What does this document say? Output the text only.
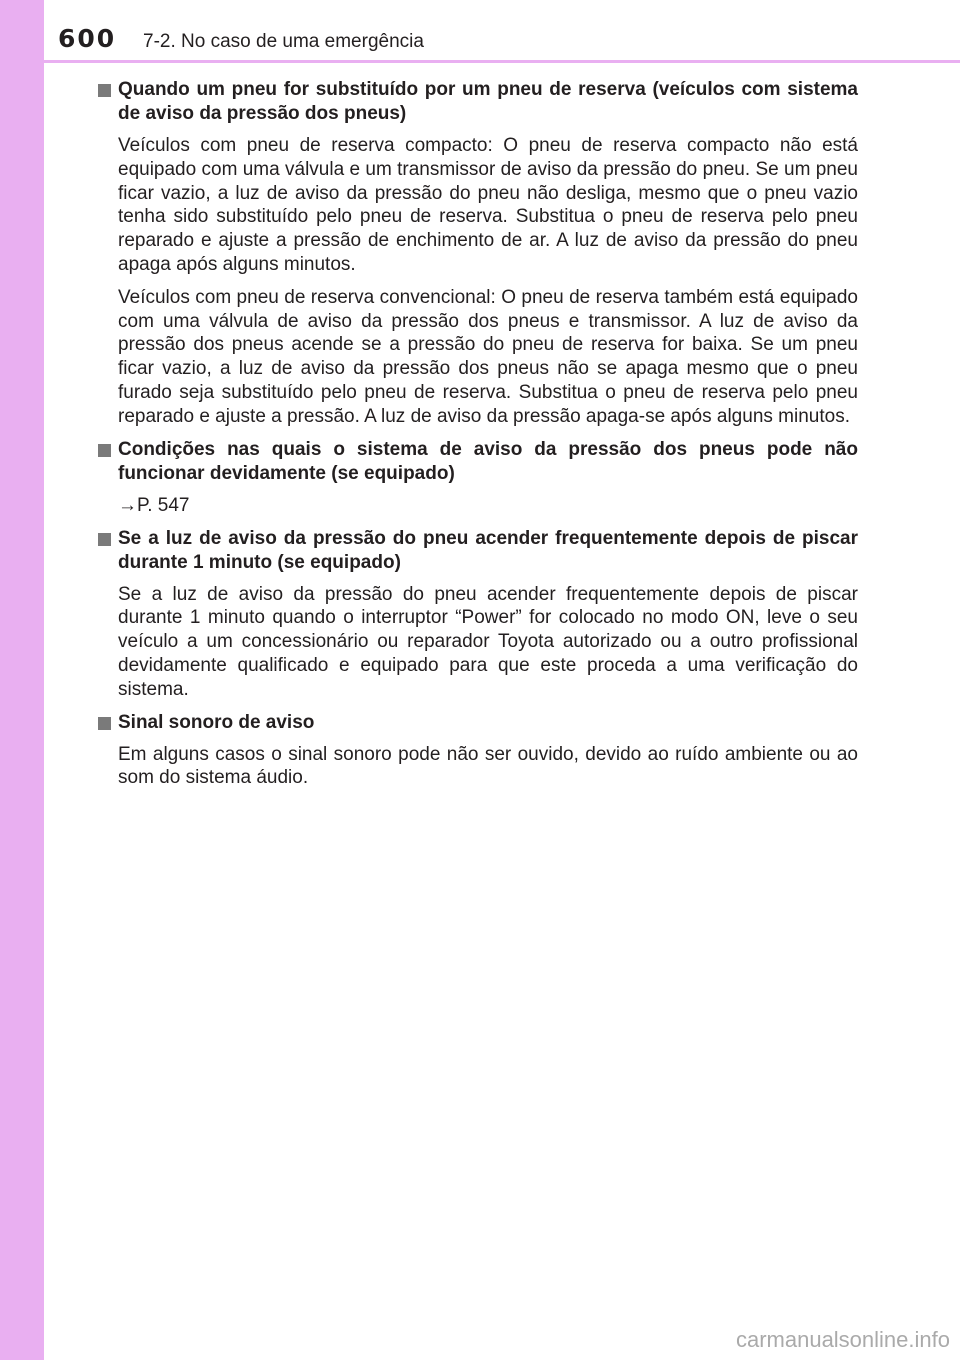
600 7-2. No caso de uma emergência
Quando um pneu for substituído por um pneu de reserva (veículos com sistema de aviso da pressão dos pneus)

Veículos com pneu de reserva compacto: O pneu de reserva compacto não está equipado com uma válvula e um transmissor de aviso da pressão do pneu. Se um pneu ficar vazio, a luz de aviso da pressão do pneu não desliga, mesmo que o pneu vazio tenha sido substituído pelo pneu de reserva. Substitua o pneu de reserva pelo pneu reparado e ajuste a pressão de enchimento de ar. A luz de aviso da pressão do pneu apaga após alguns minutos.

Veículos com pneu de reserva convencional: O pneu de reserva também está equipado com uma válvula de aviso da pressão dos pneus e transmissor. A luz de aviso da pressão dos pneus acende se a pressão do pneu de reserva for baixa. Se um pneu ficar vazio, a luz de aviso da pressão dos pneus não se apaga mesmo que o pneu furado seja substituído pelo pneu de reserva. Substitua o pneu de reserva pelo pneu reparado e ajuste a pressão. A luz de aviso da pressão apaga-se após alguns minutos.

Condições nas quais o sistema de aviso da pressão dos pneus pode não funcionar devidamente (se equipado)
→P. 547
Se a luz de aviso da pressão do pneu acender frequentemente depois de piscar durante 1 minuto (se equipado)

Se a luz de aviso da pressão do pneu acender frequentemente depois de piscar durante 1 minuto quando o interruptor “Power” for colocado no modo ON, leve o seu veículo a um concessionário ou reparador Toyota autorizado ou a outro profissional devidamente qualificado e equipado para que este proceda a uma verificação do sistema.

Sinal sonoro de aviso

Em alguns casos o sinal sonoro pode não ser ouvido, devido ao ruído ambiente ou ao som do sistema áudio.

carmanualsonline.info
